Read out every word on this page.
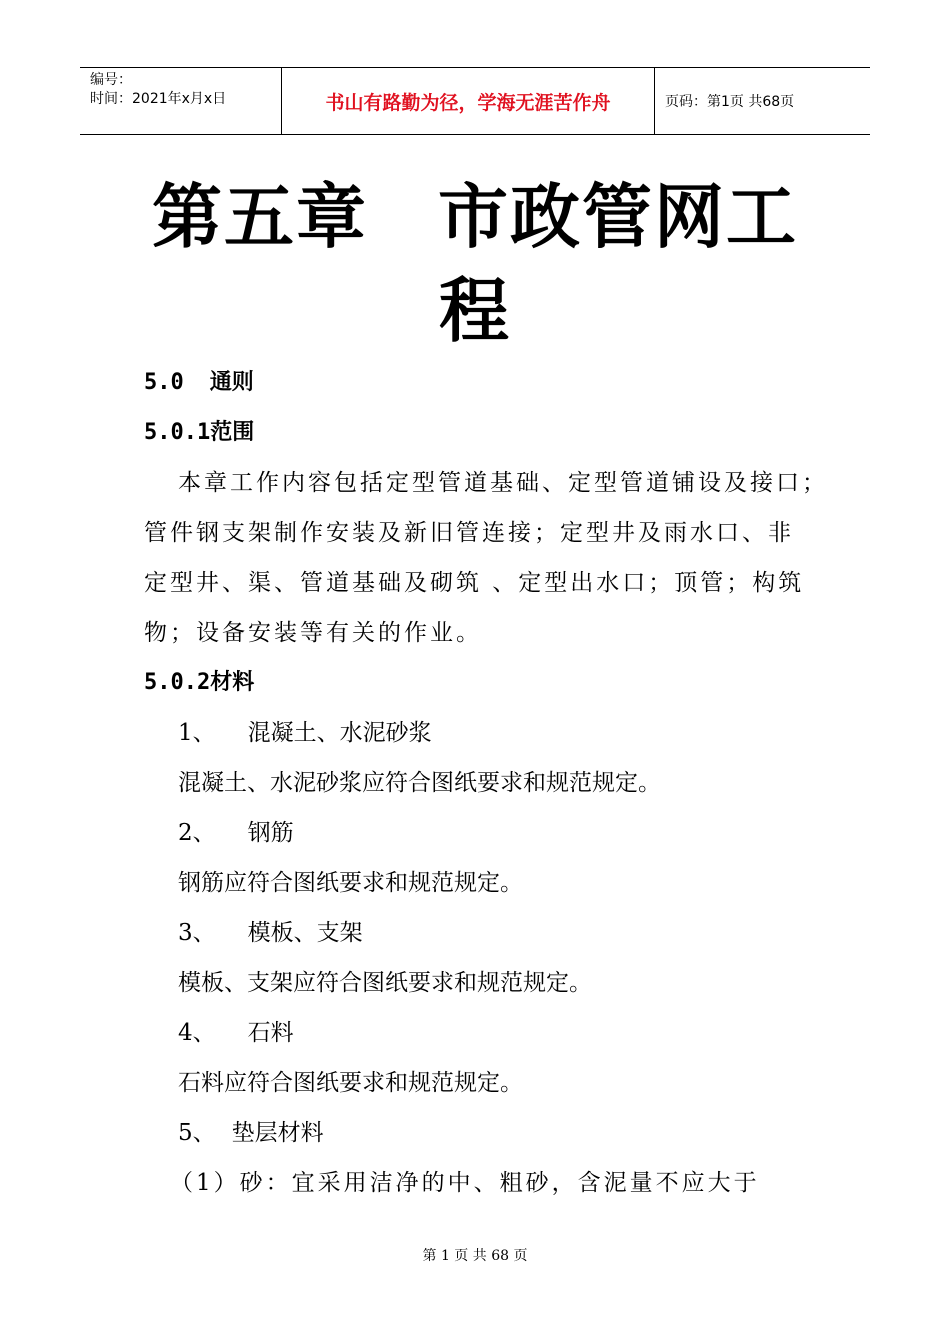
编号：
时间：2021年x月x日	书山有路勤为径，学海无涯苦作舟	页码：第1页 共68页
第五章 市政管网工
程
5.0 通则
5.0.1范围
本章工作内容包括定型管道基础、定型管道铺设及接口；
管件钢支架制作安装及新旧管连接；定型井及雨水口、非
定型井、渠、管道基础及砌筑 、定型出水口；顶管；构筑
物；设备安装等有关的作业。
5.0.2材料
1、 混凝土、水泥砂浆
混凝土、水泥砂浆应符合图纸要求和规范规定。
2、 钢筋
钢筋应符合图纸要求和规范规定。
3、 模板、支架
模板、支架应符合图纸要求和规范规定。
4、 石料
石料应符合图纸要求和规范规定。
5、 垫层材料
（1）砂：宜采用洁净的中、粗砂，含泥量不应大于
第 1 页 共 68 页
